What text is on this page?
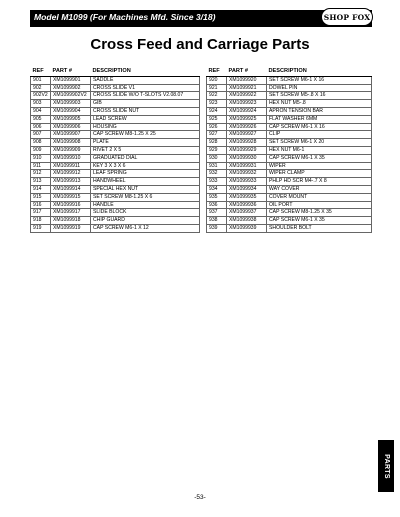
Model M1099 (For Machines Mfd. Since 3/18)	SHOP FOX
Cross Feed and Carriage Parts
REF	PART #	DESCRIPTION
901	XM1099901	SADDLE
902	XM1099902	CROSS SLIDE V1
902V2	XM1099902V2	CROSS SLIDE W/O T-SLOTS V2.08.07
903	XM1099903	GIB
904	XM1099904	CROSS SLIDE NUT
905	XM1099905	LEAD SCREW
906	XM1099906	HOUSING
907	XM1099907	CAP SCREW M8-1.25 X 25
908	XM1099908	PLATE
909	XM1099909	RIVET 2 X 5
910	XM1099910	GRADUATED DIAL
911	XM1099911	KEY 3 X 3 X 6
912	XM1099912	LEAF SPRING
913	XM1099913	HANDWHEEL
914	XM1099914	SPECIAL HEX NUT
915	XM1099915	SET SCREW M8-1.25 X 6
916	XM1099916	HANDLE
917	XM1099917	SLIDE BLOCK
918	XM1099918	CHIP GUARD
919	XM1099919	CAP SCREW M6-1 X 12
REF	PART #	DESCRIPTION
920	XM1099920	SET SCREW M6-1 X 16
921	XM1099921	DOWEL PIN
922	XM1099922	SET SCREW M5-.8 X 16
923	XM1099923	HEX NUT M5-.8
924	XM1099924	APRON TENSION BAR
925	XM1099925	FLAT WASHER 6MM
926	XM1099926	CAP SCREW M6-1 X 16
927	XM1099927	CLIP
928	XM1099928	SET SCREW M6-1 X 20
929	XM1099929	HEX NUT M6-1
930	XM1099930	CAP SCREW M6-1 X 35
931	XM1099931	WIPER
932	XM1099932	WIPER CLAMP
933	XM1099933	PHLP HD SCR M4-.7 X 8
934	XM1099934	WAY COVER
935	XM1099935	COVER MOUNT
936	XM1099936	OIL PORT
937	XM1099937	CAP SCREW M8-1.25 X 35
938	XM1099938	CAP SCREW M6-1 X 35
939	XM1099939	SHOULDER BOLT
PARTS
-53-
